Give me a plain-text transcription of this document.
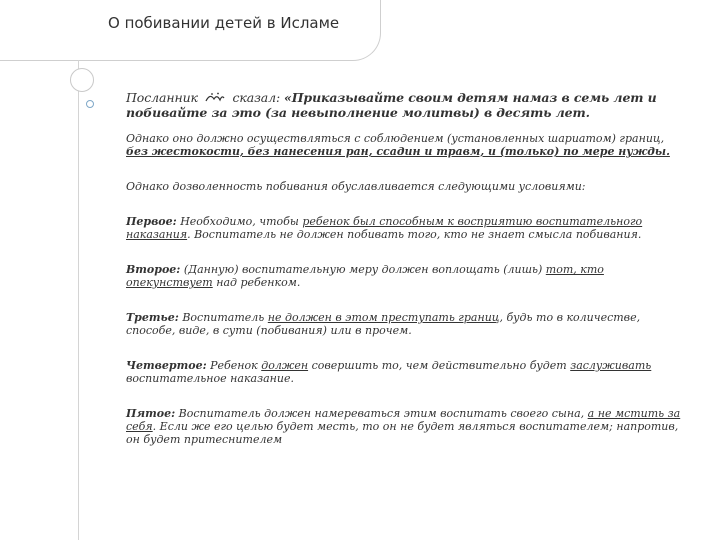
О побивании детей в Исламе

Посланник	сказал: «Приказывайте своим детям намаз в семь лет и побивайте за это (за невыполнение молитвы) в десять лет.

Однако оно должно осуществляться с соблюдением (установленных шариатом) границ, без жестокости, без нанесения ран, ссадин и травм, и (только) по мере нужды.

Однако дозволенность побивания обуславливается следующими условиями:

Первое: Необходимо, чтобы ребенок был способным к восприятию воспитательного наказания. Воспитатель не должен побивать того, кто не знает смысла побивания.

Второе: (Данную) воспитательную меру должен воплощать (лишь) тот, кто опекунствует над ребенком.

Третье: Воспитатель не должен в этом преступать границ, будь то в количестве, способе, виде, в сути (побивания) или в прочем.

Четвертое: Ребенок должен совершить то, чем действительно будет заслуживать воспитательное наказание.

Пятое: Воспитатель должен намереваться этим воспитать своего сына, а не мстить за себя. Если же его целью будет месть, то он не будет являться воспитателем; напротив, он будет притеснителем
